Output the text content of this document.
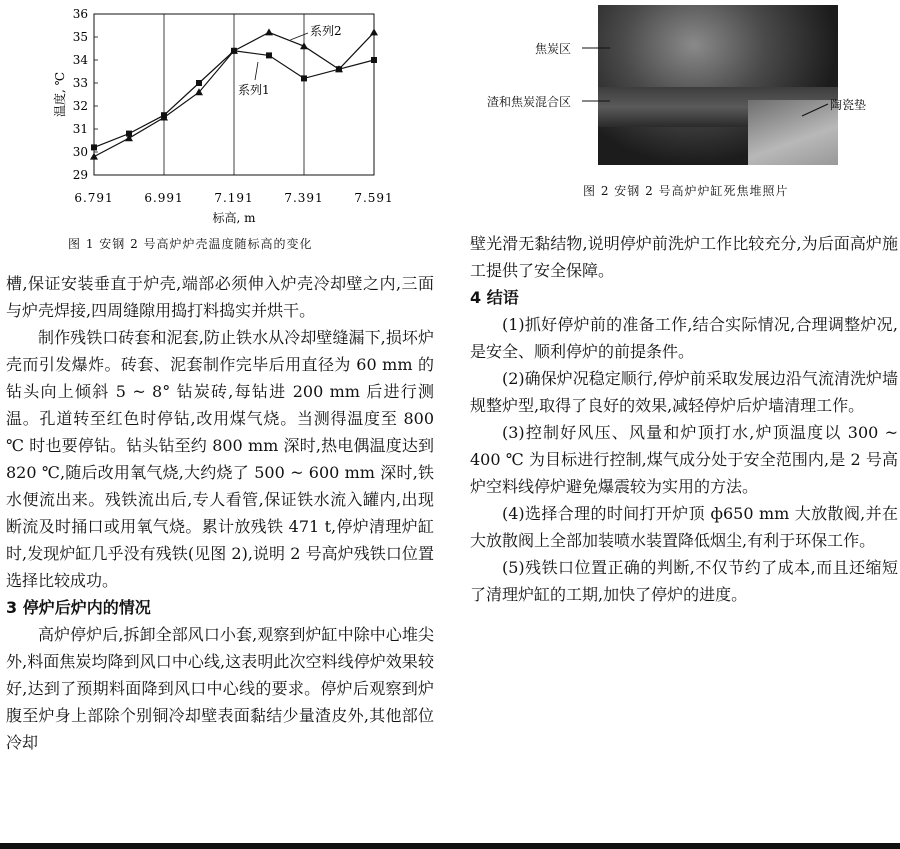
6.791	6.991	7.191	7.391	7.591
29
30
31
32
33
34
35
36
标高, m
温度, ℃
系列2
系列1
图 1 安钢 2 号高炉炉壳温度随标高的变化
焦炭区
渣和焦炭混合区	陶瓷垫
图 2 安钢 2 号高炉炉缸死焦堆照片

槽,保证安装垂直于炉壳,端部必须伸入炉壳冷却壁之内,三面与炉壳焊接,四周缝隙用捣打料捣实并烘干。

制作残铁口砖套和泥套,防止铁水从冷却壁缝漏下,损坏炉壳而引发爆炸。砖套、泥套制作完毕后用直径为 60 mm 的钻头向上倾斜 5 ~ 8° 钻炭砖,每钻进 200 mm 后进行测温。孔道转至红色时停钻,改用煤气烧。当测得温度至 800 ℃ 时也要停钻。钻头钻至约 800 mm 深时,热电偶温度达到 820 ℃,随后改用氧气烧,大约烧了 500 ~ 600 mm 深时,铁水便流出来。残铁流出后,专人看管,保证铁水流入罐内,出现断流及时捅口或用氧气烧。累计放残铁 471 t,停炉清理炉缸时,发现炉缸几乎没有残铁(见图 2),说明 2 号高炉残铁口位置选择比较成功。

3 停炉后炉内的情况

高炉停炉后,拆卸全部风口小套,观察到炉缸中除中心堆尖外,料面焦炭均降到风口中心线,这表明此次空料线停炉效果较好,达到了预期料面降到风口中心线的要求。停炉后观察到炉腹至炉身上部除个别铜冷却壁表面黏结少量渣皮外,其他部位冷却

壁光滑无黏结物,说明停炉前洗炉工作比较充分,为后面高炉施工提供了安全保障。

4 结语

(1)抓好停炉前的准备工作,结合实际情况,合理调整炉况,是安全、顺利停炉的前提条件。

(2)确保炉况稳定顺行,停炉前采取发展边沿气流清洗炉墙规整炉型,取得了良好的效果,减轻停炉后炉墙清理工作。

(3)控制好风压、风量和炉顶打水,炉顶温度以 300 ~ 400 ℃ 为目标进行控制,煤气成分处于安全范围内,是 2 号高炉空料线停炉避免爆震较为实用的方法。

(4)选择合理的时间打开炉顶 ф650 mm 大放散阀,并在大放散阀上全部加装喷水装置降低烟尘,有利于环保工作。

(5)残铁口位置正确的判断,不仅节约了成本,而且还缩短了清理炉缸的工期,加快了停炉的进度。
